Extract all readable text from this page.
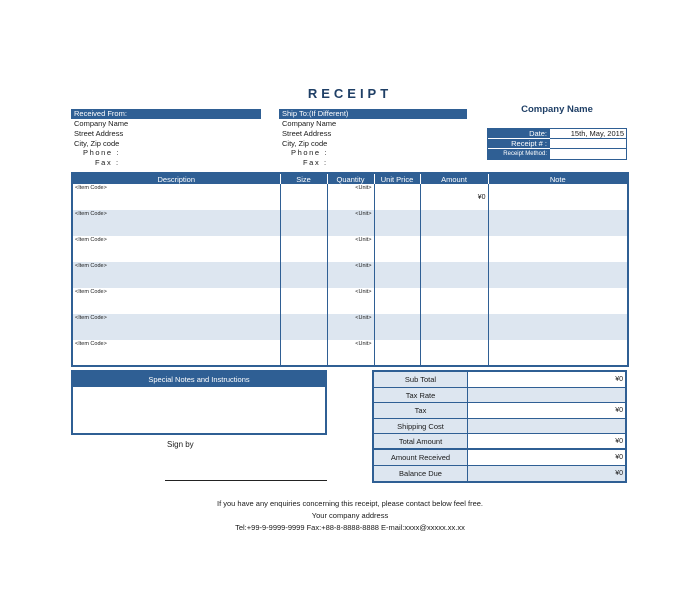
RECEIPT
Received From:
Company Name
Street Address
City, Zip code
Phone :
Fax :
Ship To:(If Different)
Company Name
Street Address
City, Zip code
Phone :
Fax :
Company Name
Date:	15th, May, 2015
Receipt # :
Receipt Method:
Description	Size	Quantity	Unit Price	Amount	Note
<Item Code>		<Unit>		¥0	
<Item Code>		<Unit>			
<Item Code>		<Unit>			
<Item Code>		<Unit>			
<Item Code>		<Unit>			
<Item Code>		<Unit>			
<Item Code>		<Unit>			
Special Notes and Instructions
Sign by
Sub Total	¥0
Tax Rate
Tax	¥0
Shipping Cost
Total Amount	¥0
Amount Received	¥0
Balance Due	¥0
If you have any enquiries concerning this receipt, please contact below feel free.
Your company address
Tel:+99-9-9999-9999 Fax:+88-8-8888-8888 E-mail:xxxx@xxxxx.xx.xx
